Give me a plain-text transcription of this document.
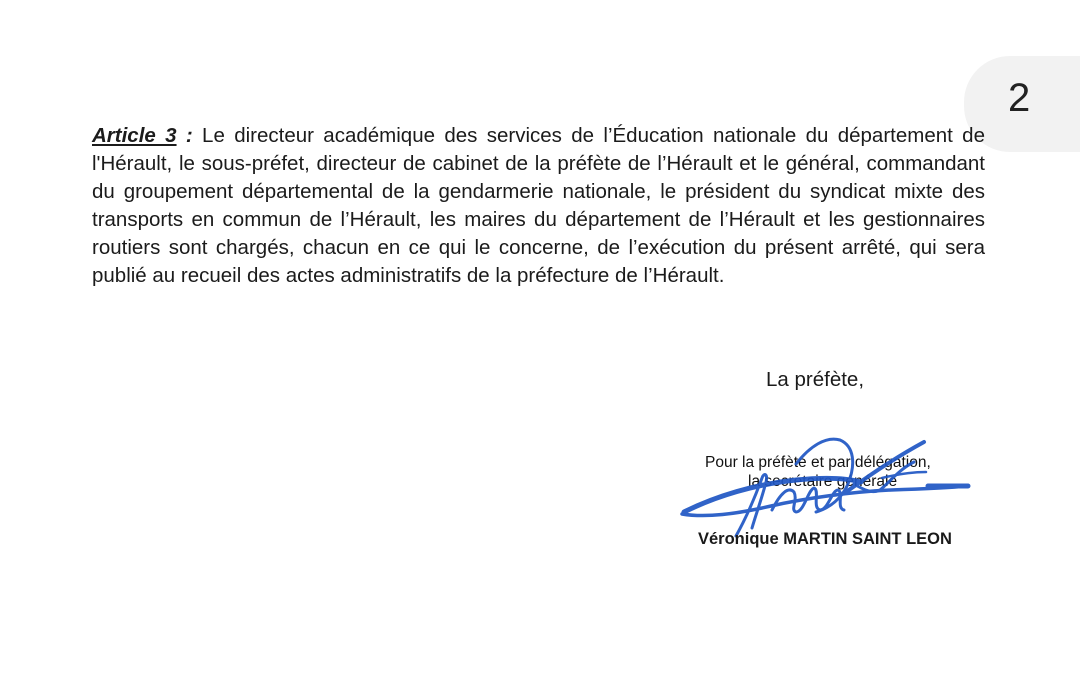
2
Article 3 : Le directeur académique des services de l’Éducation nationale du département de l'Hérault, le sous-préfet, directeur de cabinet de la préfète de l’Hérault et le général, commandant du groupement départemental de la gendarmerie nationale, le président du syndicat mixte des transports en commun de l’Hérault, les maires du département de l’Hérault et les gestionnaires routiers sont chargés, chacun en ce qui le concerne, de l’exécution du présent arrêté, qui sera publié au recueil des actes administratifs de la préfecture de l’Hérault.
La préfète,
Pour la préfète et par délégation,
la secrétaire générale
Véronique MARTIN SAINT LEON
